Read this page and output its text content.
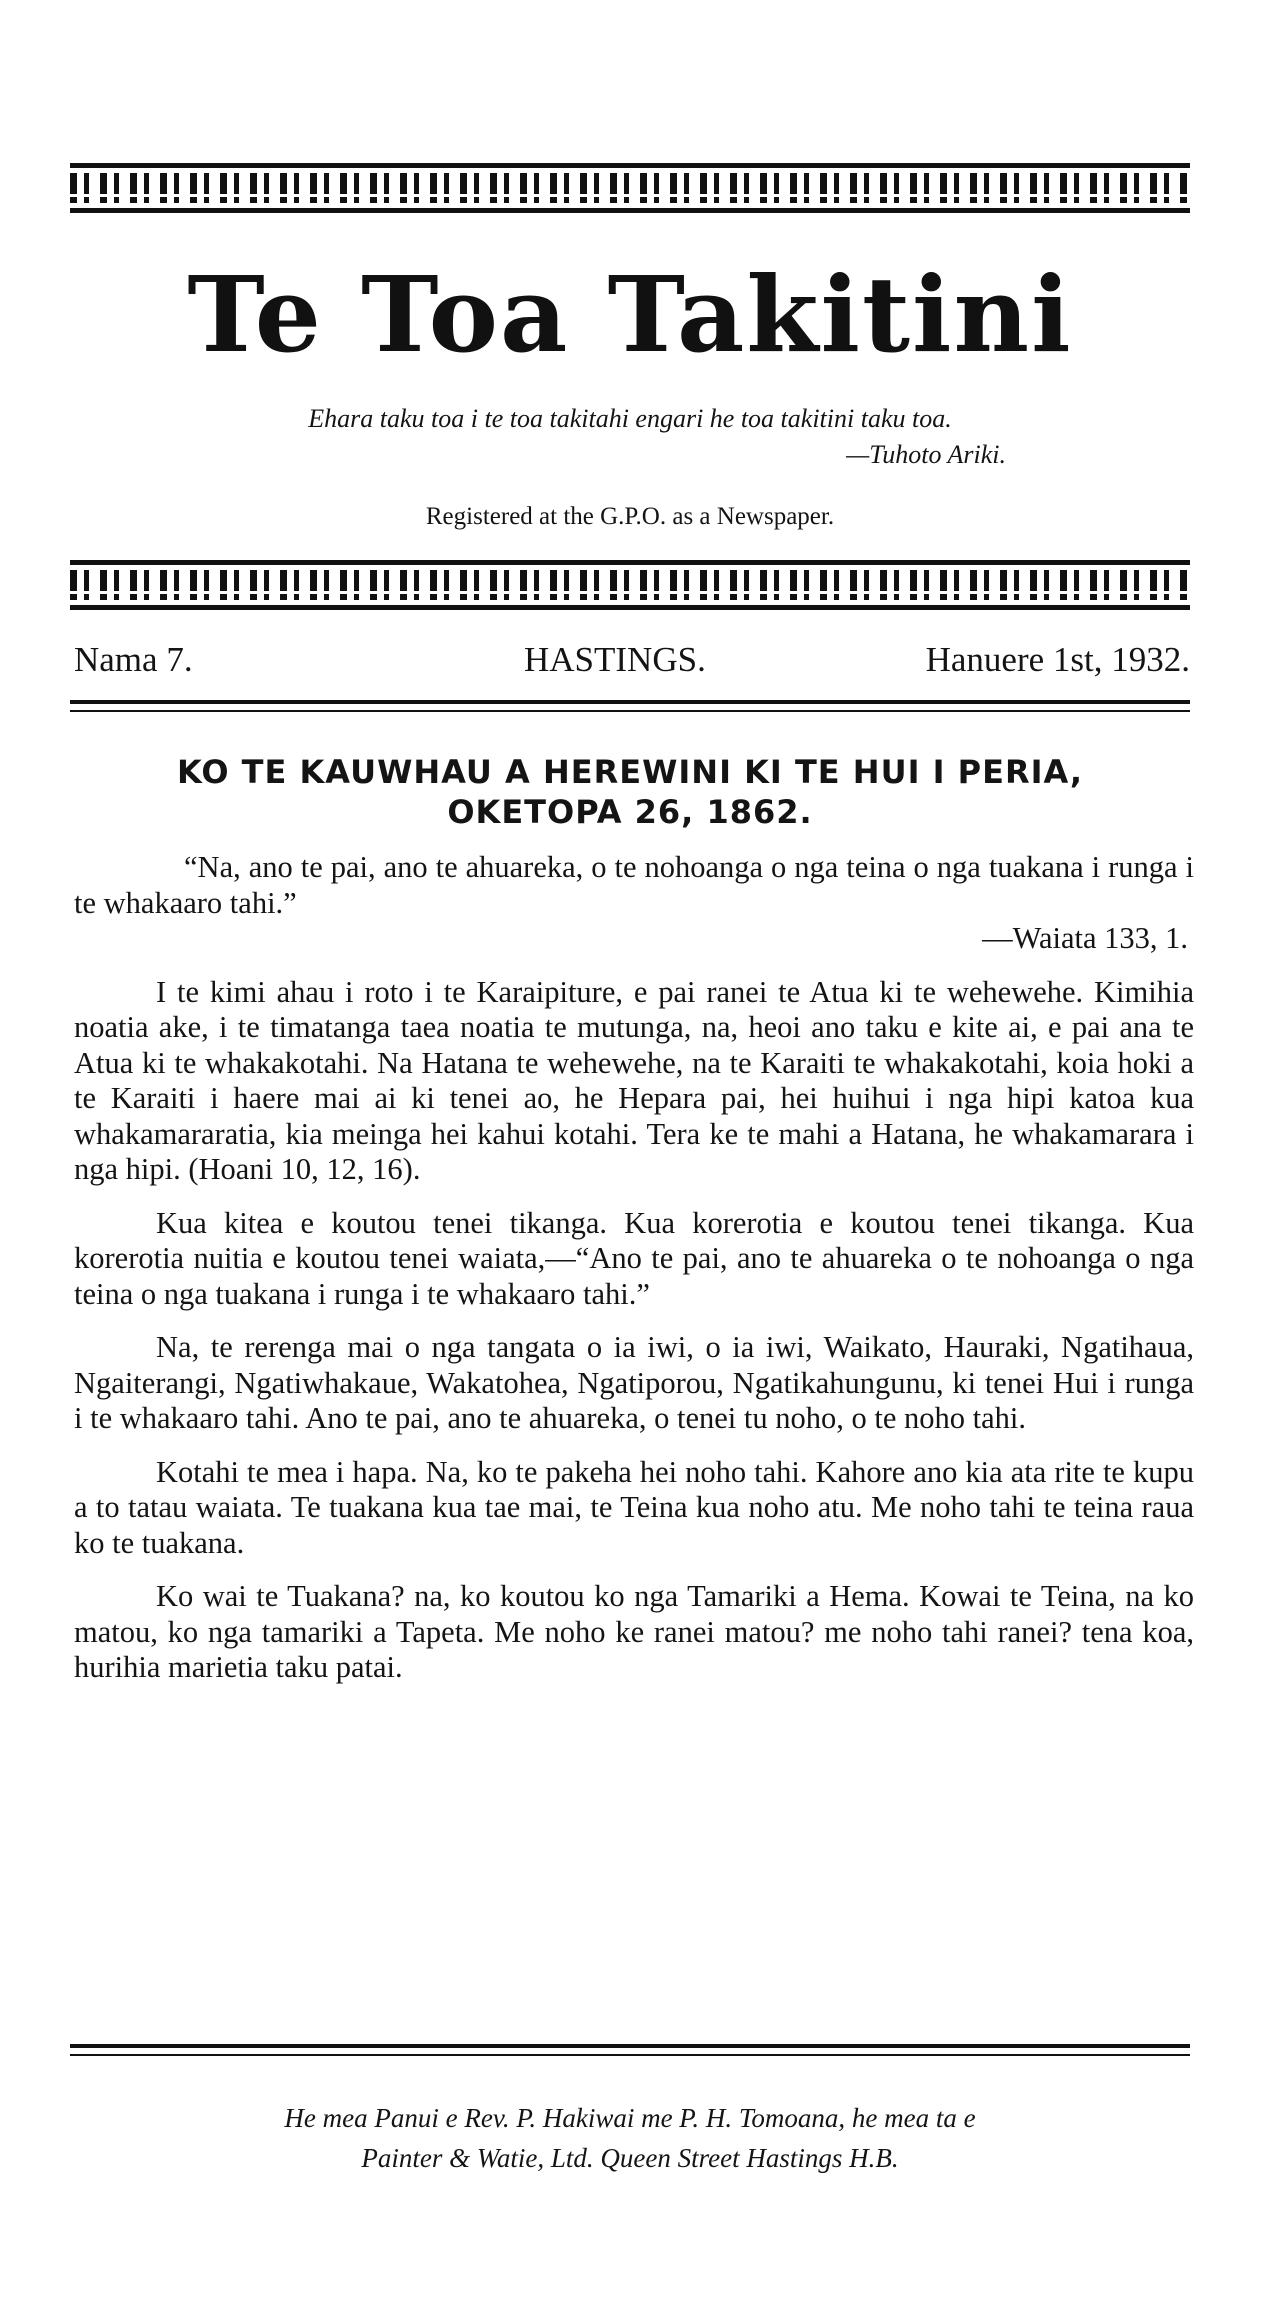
Te Toa Takitini
Ehara taku toa i te toa takitahi engari he toa takitini taku toa.
—Tuhoto Ariki.
Registered at the G.P.O. as a Newspaper.
Nama 7.	HASTINGS.	Hanuere 1st, 1932.
KO TE KAUWHAU A HEREWINI KI TE HUI I PERIA,
OKETOPA 26, 1862.

“Na, ano te pai, ano te ahuareka, o te nohoanga o nga teina o nga tuakana i runga i te whakaaro tahi.”

—Waiata 133, 1.

I te kimi ahau i roto i te Karaipiture, e pai ranei te Atua ki te wehewehe. Kimihia noatia ake, i te timatanga taea noatia te mutunga, na, heoi ano taku e kite ai, e pai ana te Atua ki te whakakotahi. Na Hatana te wehewehe, na te Karaiti te whakakotahi, koia hoki a te Karaiti i haere mai ai ki tenei ao, he Hepara pai, hei huihui i nga hipi katoa kua whakamararatia, kia meinga hei kahui kotahi. Tera ke te mahi a Hatana, he whakamarara i nga hipi. (Hoani 10, 12, 16).

Kua kitea e koutou tenei tikanga. Kua korerotia e koutou tenei tikanga. Kua korerotia nuitia e koutou tenei waiata,—“Ano te pai, ano te ahuareka o te nohoanga o nga teina o nga tuakana i runga i te whakaaro tahi.”

Na, te rerenga mai o nga tangata o ia iwi, o ia iwi, Waikato, Hauraki, Ngatihaua, Ngaiterangi, Ngatiwhakaue, Wakatohea, Ngatiporou, Ngatikahungunu, ki tenei Hui i runga i te whakaaro tahi. Ano te pai, ano te ahuareka, o tenei tu noho, o te noho tahi.

Kotahi te mea i hapa. Na, ko te pakeha hei noho tahi. Kahore ano kia ata rite te kupu a to tatau waiata. Te tuakana kua tae mai, te Teina kua noho atu. Me noho tahi te teina raua ko te tuakana.

Ko wai te Tuakana? na, ko koutou ko nga Tamariki a Hema. Kowai te Teina, na ko matou, ko nga tamariki a Tapeta. Me noho ke ranei matou? me noho tahi ranei? tena koa, hurihia marietia taku patai.

He mea Panui e Rev. P. Hakiwai me P. H. Tomoana, he mea ta e
Painter & Watie, Ltd. Queen Street Hastings H.B.
